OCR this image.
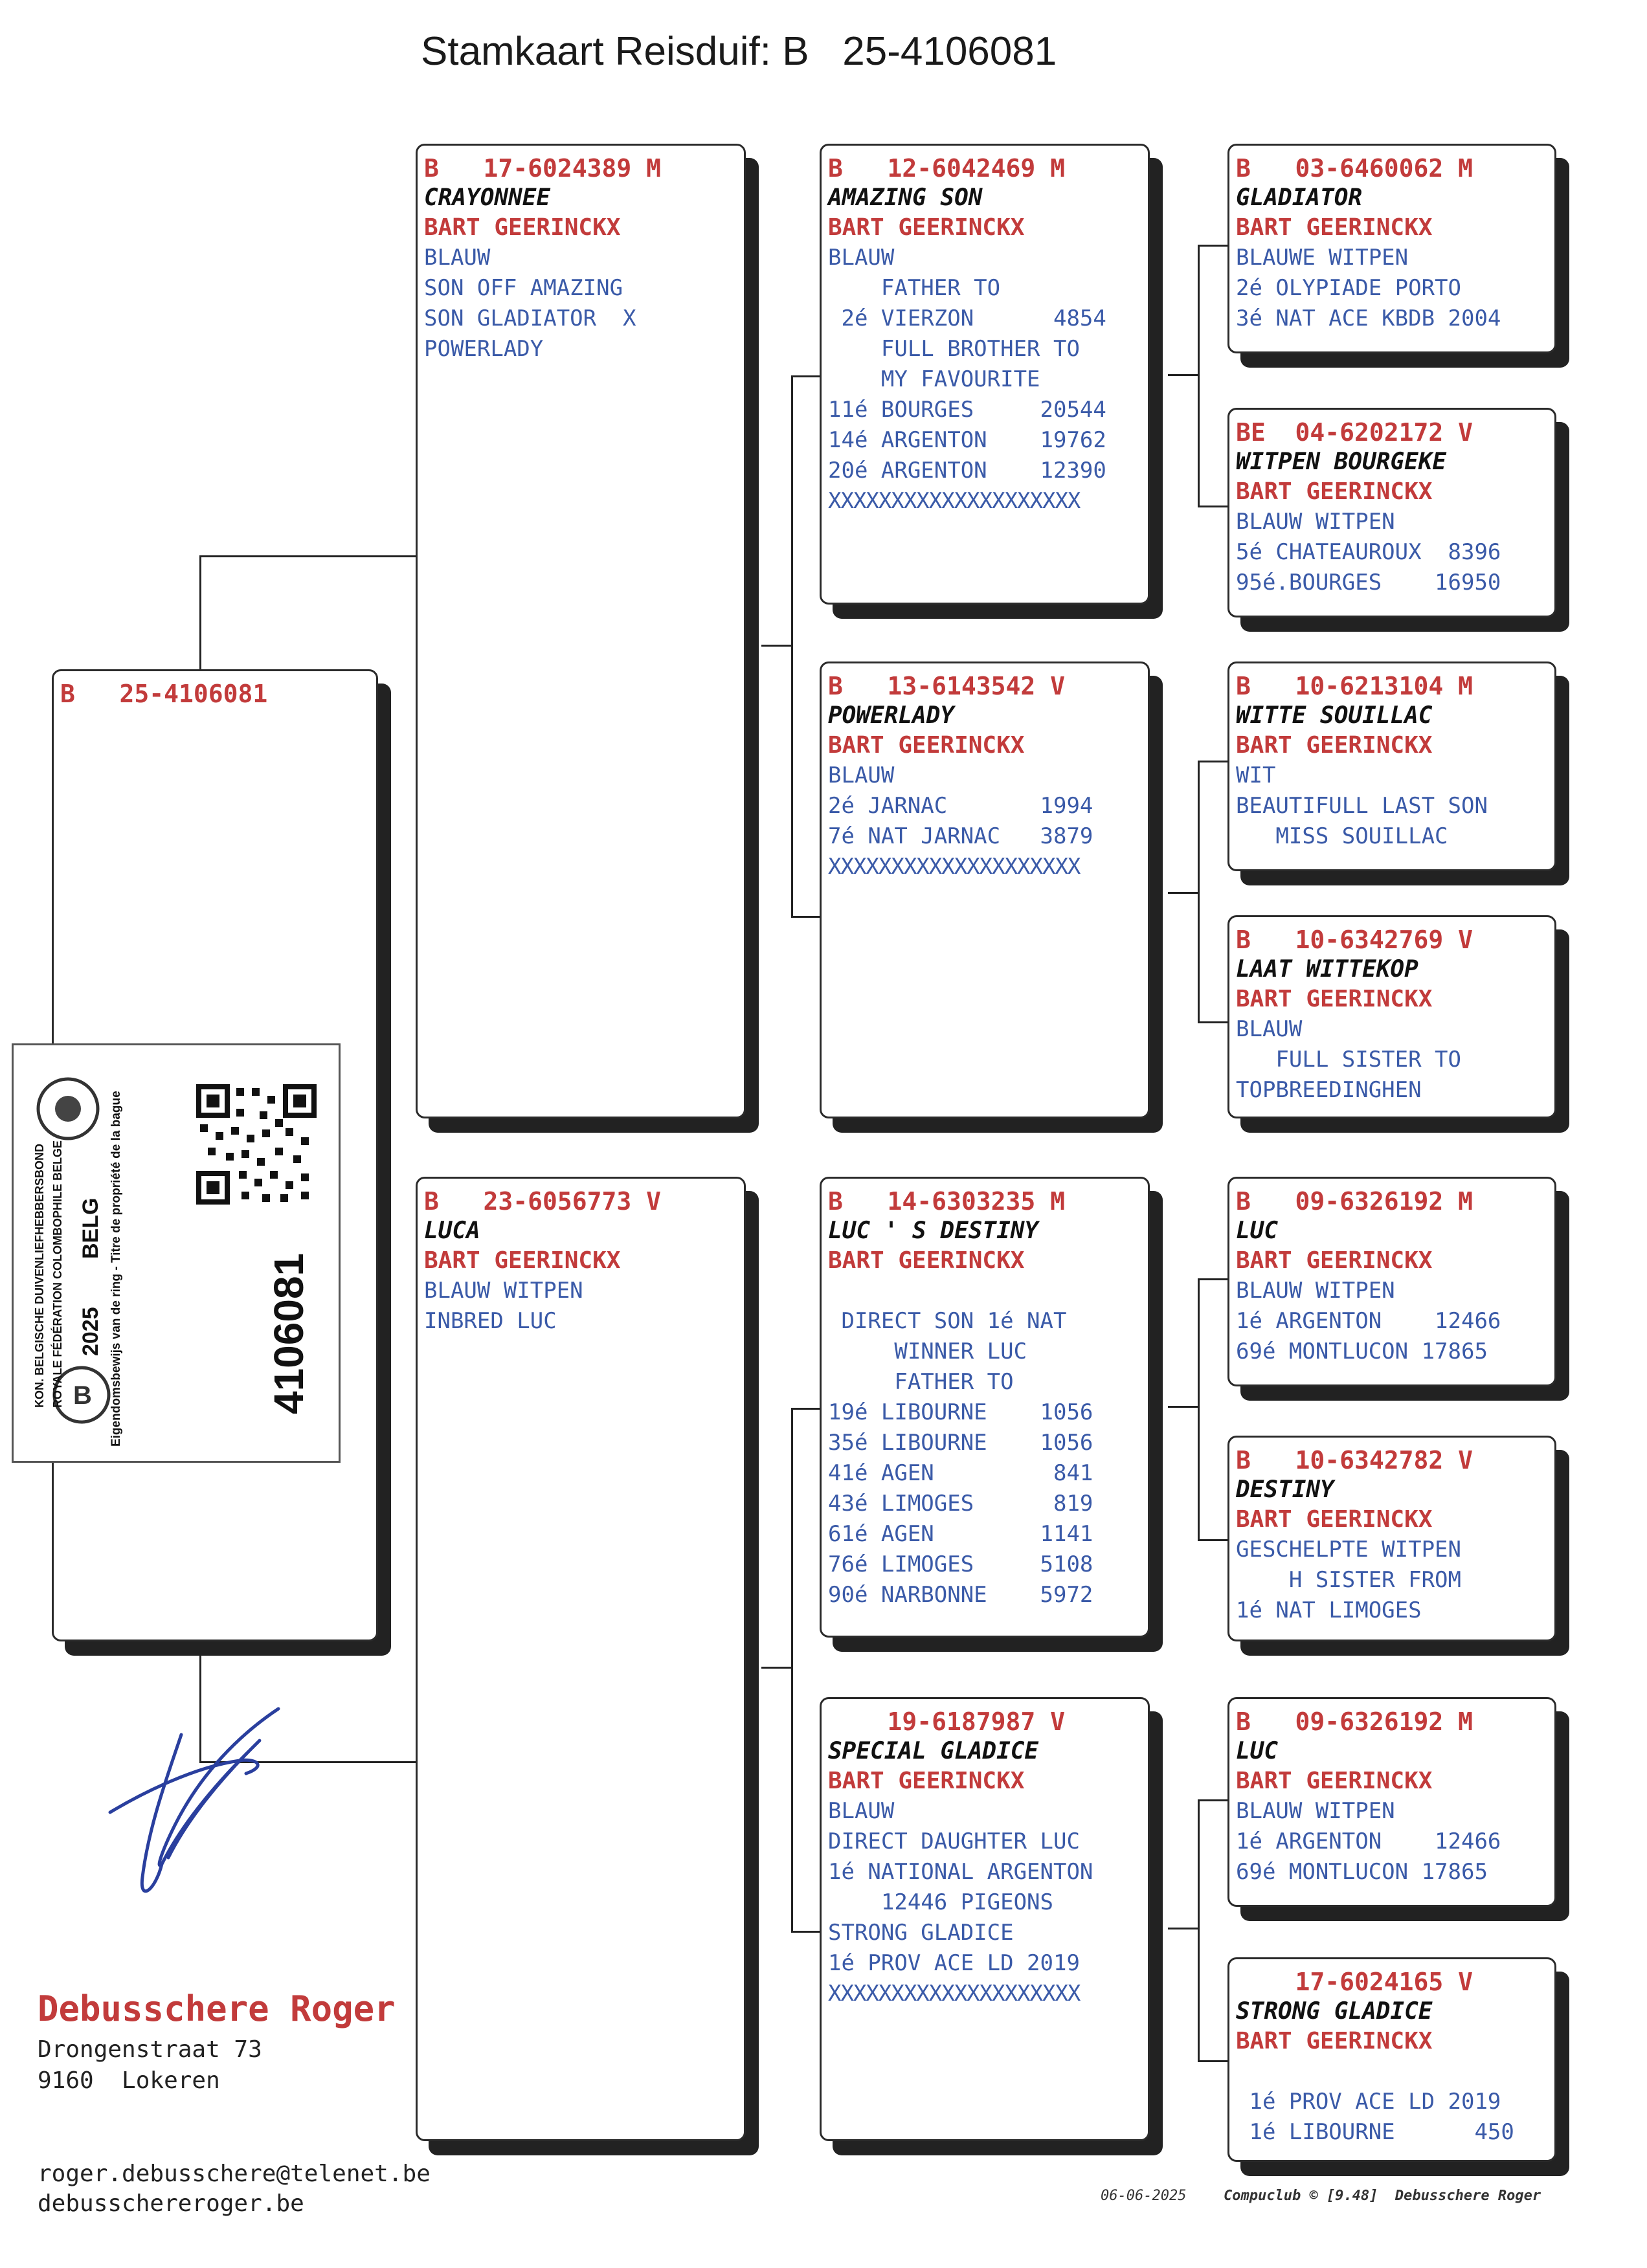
Stamkaart Reisduif: B   25-4106081
B   25-4106081
B   17-6024389 M
CRAYONNEE
BART GEERINCKX
BLAUW
SON OFF AMAZING
SON GLADIATOR  X
POWERLADY
B   23-6056773 V
LUCA
BART GEERINCKX
BLAUW WITPEN
INBRED LUC
B   12-6042469 M
AMAZING SON
BART GEERINCKX
BLAUW
FATHER TO
2é VIERZON      4854
FULL BROTHER TO
MY FAVOURITE
11é BOURGES     20544
14é ARGENTON    19762
20é ARGENTON    12390
XXXXXXXXXXXXXXXXXXXX
B   13-6143542 V
POWERLADY
BART GEERINCKX
BLAUW
2é JARNAC       1994
7é NAT JARNAC   3879
XXXXXXXXXXXXXXXXXXXX
B   14-6303235 M
LUC ' S DESTINY
BART GEERINCKX
DIRECT SON 1é NAT
WINNER LUC
FATHER TO
19é LIBOURNE    1056
35é LIBOURNE    1056
41é AGEN         841
43é LIMOGES      819
61é AGEN        1141
76é LIMOGES     5108
90é NARBONNE    5972
19-6187987 V
SPECIAL GLADICE
BART GEERINCKX
BLAUW
DIRECT DAUGHTER LUC
1é NATIONAL ARGENTON
12446 PIGEONS
STRONG GLADICE
1é PROV ACE LD 2019
XXXXXXXXXXXXXXXXXXXX
B   03-6460062 M
GLADIATOR
BART GEERINCKX
BLAUWE WITPEN
2é OLYPIADE PORTO
3é NAT ACE KBDB 2004
BE  04-6202172 V
WITPEN BOURGEKE
BART GEERINCKX
BLAUW WITPEN
5é CHATEAUROUX  8396
95é.BOURGES    16950
B   10-6213104 M
WITTE SOUILLAC
BART GEERINCKX
WIT
BEAUTIFULL LAST SON
MISS SOUILLAC
B   10-6342769 V
LAAT WITTEKOP
BART GEERINCKX
BLAUW
FULL SISTER TO
TOPBREEDINGHEN
B   09-6326192 M
LUC
BART GEERINCKX
BLAUW WITPEN
1é ARGENTON    12466
69é MONTLUCON 17865
B   10-6342782 V
DESTINY
BART GEERINCKX
GESCHELPTE WITPEN
H SISTER FROM
1é NAT LIMOGES
B   09-6326192 M
LUC
BART GEERINCKX
BLAUW WITPEN
1é ARGENTON    12466
69é MONTLUCON 17865
17-6024165 V
STRONG GLADICE
BART GEERINCKX
1é PROV ACE LD 2019
1é LIBOURNE      450
B
KON. BELGISCHE DUIVENLIEFHEBBERSBOND ROYALE FÉDÉRATION COLOMBOPHILE BELGE	Eigendomsbewijs van de ring - Titre de propriété de la bague
2025
BELG
4106081
Debusschere Roger
Drongenstraat 73
9160  Lokeren
roger.debusschere@telenet.be
debusschereroger.be	06-06-2025	Compuclub © [9.48]  Debusschere Roger
